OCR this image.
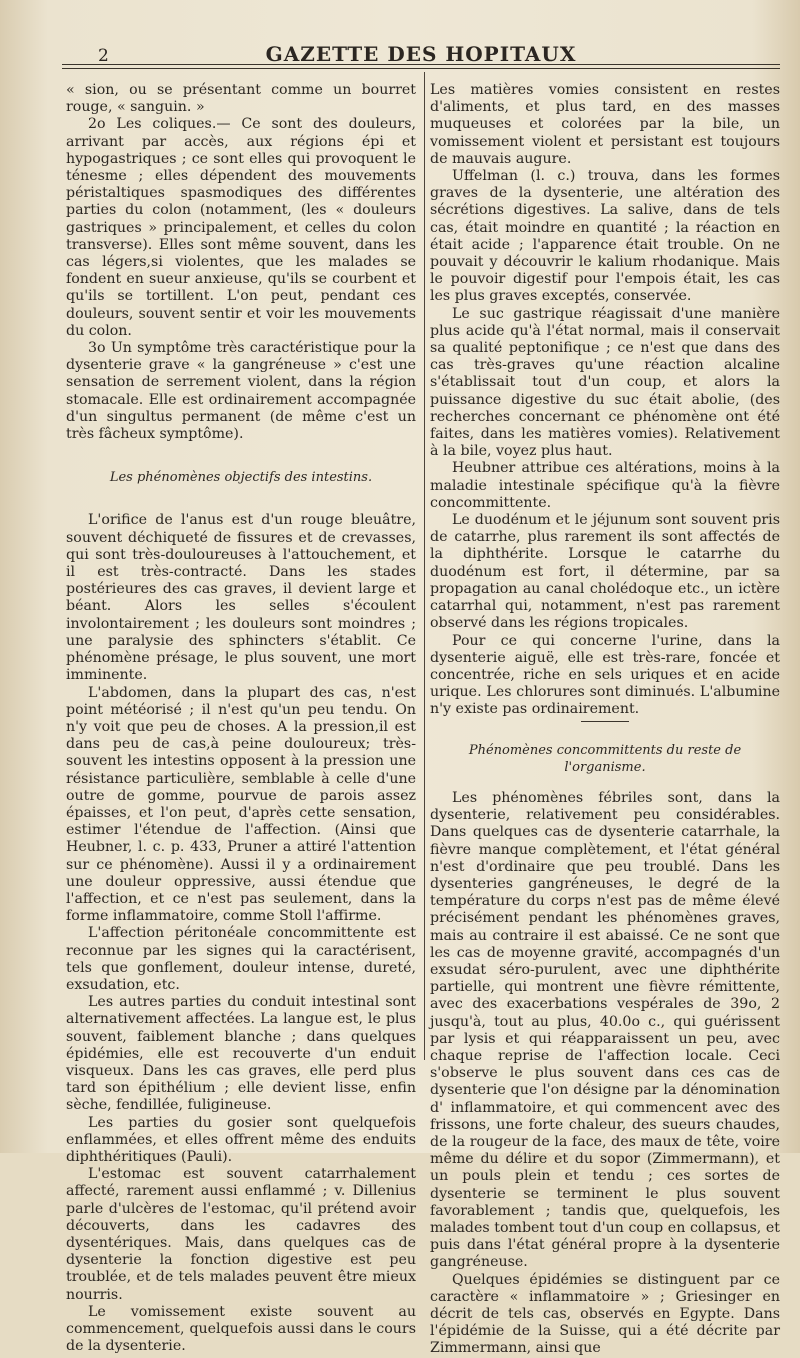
2	GAZETTE DES HOPITAUX

« sion, ou se présentant comme un bourret rouge, « sanguin. »

2o Les coliques.— Ce sont des douleurs, arrivant par accès, aux régions épi et hypogastriques ; ce sont elles qui provoquent le ténesme ; elles dépendent des mouvements péristaltiques spasmodiques des différentes parties du colon (notamment, (les « douleurs gastriques » principalement, et celles du colon transverse). Elles sont même souvent, dans les cas légers,si violentes, que les malades se fondent en sueur anxieuse, qu'ils se courbent et qu'ils se tortillent. L'on peut, pendant ces douleurs, souvent sentir et voir les mouvements du colon.

3o Un symptôme très caractéristique pour la dysenterie grave « la gangréneuse » c'est une sensation de serrement violent, dans la région stomacale. Elle est ordinairement accompagnée d'un singultus permanent (de même c'est un très fâcheux symptôme).

Les phénomènes objectifs des intestins.

L'orifice de l'anus est d'un rouge bleuâtre, souvent déchiqueté de fissures et de crevasses, qui sont très-douloureuses à l'attouchement, et il est très-contracté. Dans les stades postérieures des cas graves, il devient large et béant. Alors les selles s'écoulent involontairement ; les douleurs sont moindres ; une paralysie des sphincters s'établit. Ce phénomène présage, le plus souvent, une mort imminente.

L'abdomen, dans la plupart des cas, n'est point météorisé ; il n'est qu'un peu tendu. On n'y voit que peu de choses. A la pression,il est dans peu de cas,à peine douloureux; très-souvent les intestins opposent à la pression une résistance particulière, semblable à celle d'une outre de gomme, pourvue de parois assez épaisses, et l'on peut, d'après cette sensation, estimer l'étendue de l'affection. (Ainsi que Heubner, l. c. p. 433, Pruner a attiré l'attention sur ce phénomène). Aussi il y a ordinairement une douleur oppressive, aussi étendue que l'affection, et ce n'est pas seulement, dans la forme inflammatoire, comme Stoll l'affirme.

L'affection péritonéale concommittente est reconnue par les signes qui la caractérisent, tels que gonflement, douleur intense, dureté, exsudation, etc.

Les autres parties du conduit intestinal sont alternativement affectées. La langue est, le plus souvent, faiblement blanche ; dans quelques épidémies, elle est recouverte d'un enduit visqueux. Dans les cas graves, elle perd plus tard son épithélium ; elle devient lisse, enfin sèche, fendillée, fuligineuse.

Les parties du gosier sont quelquefois enflammées, et elles offrent même des enduits diphthéritiques (Pauli).

L'estomac est souvent catarrhalement affecté, rarement aussi enflammé ; v. Dillenius parle d'ulcères de l'estomac, qu'il prétend avoir découverts, dans les cadavres des dysentériques. Mais, dans quelques cas de dysenterie la fonction digestive est peu troublée, et de tels malades peuvent être mieux nourris.

Le vomissement existe souvent au commencement, quelquefois aussi dans le cours de la dysenterie.

Les matières vomies consistent en restes d'aliments, et plus tard, en des masses muqueuses et colorées par la bile, un vomissement violent et persistant est toujours de mauvais augure.

Uffelman (l. c.) trouva, dans les formes graves de la dysenterie, une altération des sécrétions digestives. La salive, dans de tels cas, était moindre en quantité ; la réaction en était acide ; l'apparence était trouble. On ne pouvait y découvrir le kalium rhodanique. Mais le pouvoir digestif pour l'empois était, les cas les plus graves exceptés, conservée.

Le suc gastrique réagissait d'une manière plus acide qu'à l'état normal, mais il conservait sa qualité peptonifique ; ce n'est que dans des cas très-graves qu'une réaction alcaline s'établissait tout d'un coup, et alors la puissance digestive du suc était abolie, (des recherches concernant ce phénomène ont été faites, dans les matières vomies). Relativement à la bile, voyez plus haut.

Heubner attribue ces altérations, moins à la maladie intestinale spécifique qu'à la fièvre concommittente.

Le duodénum et le jéjunum sont souvent pris de catarrhe, plus rarement ils sont affectés de la diphthérite. Lorsque le catarrhe du duodénum est fort, il détermine, par sa propagation au canal cholédoque etc., un ictère catarrhal qui, notamment, n'est pas rarement observé dans les régions tropicales.

Pour ce qui concerne l'urine, dans la dysenterie aiguë, elle est très-rare, foncée et concentrée, riche en sels uriques et en acide urique. Les chlorures sont diminués. L'albumine n'y existe pas ordinairement.

Phénomènes concommittents du reste de l'organisme.

Les phénomènes fébriles sont, dans la dysenterie, relativement peu considérables. Dans quelques cas de dysenterie catarrhale, la fièvre manque complètement, et l'état général n'est d'ordinaire que peu troublé. Dans les dysenteries gangréneuses, le degré de la température du corps n'est pas de même élevé précisément pendant les phénomènes graves, mais au contraire il est abaissé. Ce ne sont que les cas de moyenne gravité, accompagnés d'un exsudat séro-purulent, avec une diphthérite partielle, qui montrent une fièvre rémittente, avec des exacerbations vespérales de 39o, 2 jusqu'à, tout au plus, 40.0o c., qui guérissent par lysis et qui réapparaissent un peu, avec chaque reprise de l'affection locale. Ceci s'observe le plus souvent dans ces cas de dysenterie que l'on désigne par la dénomination d' inflammatoire, et qui commencent avec des frissons, une forte chaleur, des sueurs chaudes, de la rougeur de la face, des maux de tête, voire même du délire et du sopor (Zimmermann), et un pouls plein et tendu ; ces sortes de dysenterie se terminent le plus souvent favorablement ; tandis que, quelquefois, les malades tombent tout d'un coup en collapsus, et puis dans l'état général propre à la dysenterie gangréneuse.

Quelques épidémies se distinguent par ce caractère « inflammatoire » ; Griesinger en décrit de tels cas, observés en Egypte. Dans l'épidémie de la Suisse, qui a été décrite par Zimmermann, ainsi que
